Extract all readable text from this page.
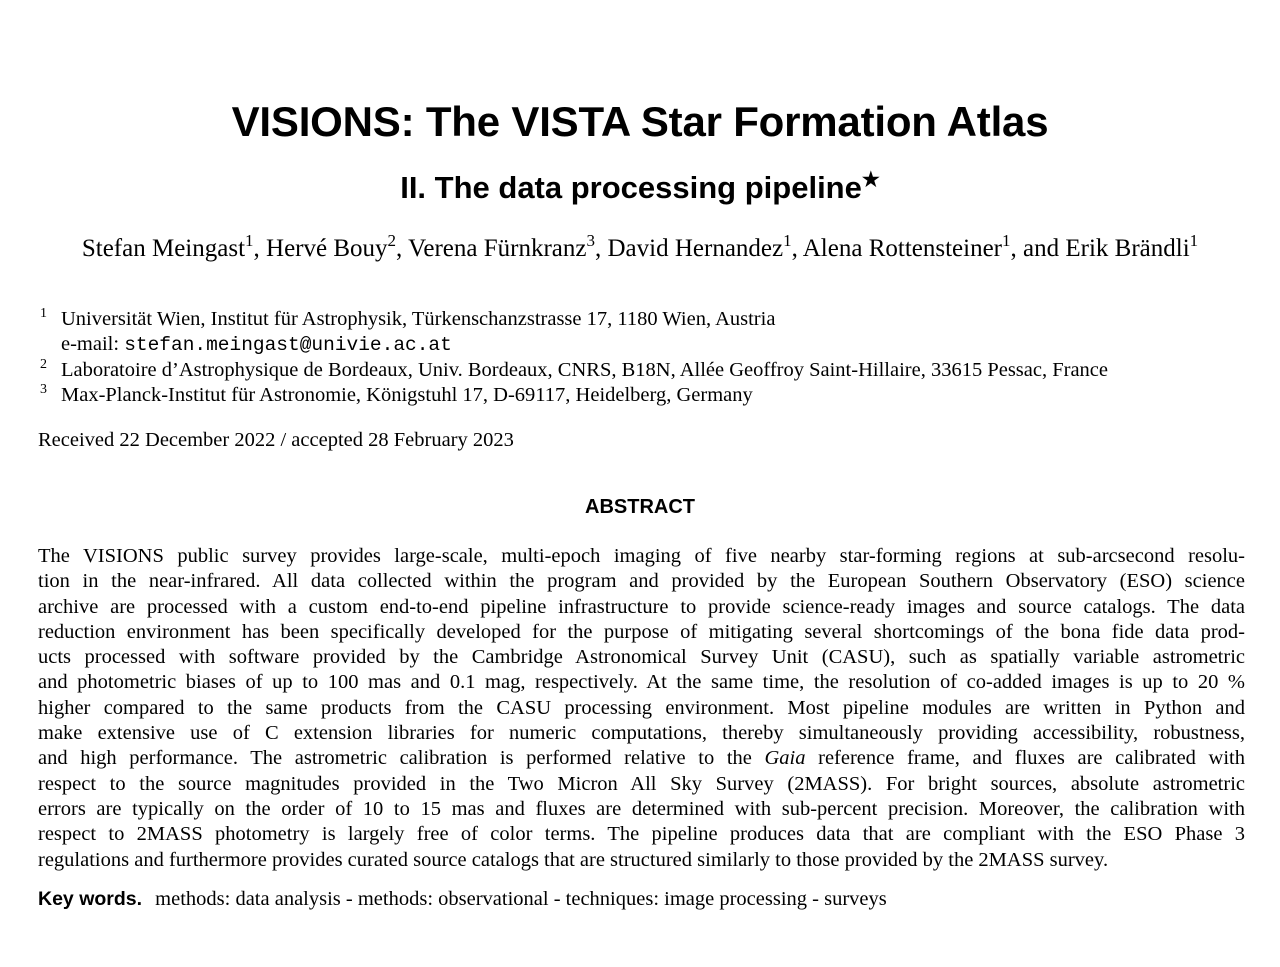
VISIONS: The VISTA Star Formation Atlas
II. The data processing pipeline★
Stefan Meingast$^1$, Hervé Bouy$^2$, Verena Fürnkranz$^3$, David Hernandez$^1$, Alena Rottensteiner$^1$, and Erik Brändli$^1$
1 Universität Wien, Institut für Astrophysik, Türkenschanzstrasse 17, 1180 Wien, Austria
e-mail: stefan.meingast@univie.ac.at
2 Laboratoire d’Astrophysique de Bordeaux, Univ. Bordeaux, CNRS, B18N, Allée Geoffroy Saint-Hillaire, 33615 Pessac, France
3 Max-Planck-Institut für Astronomie, Königstuhl 17, D-69117, Heidelberg, Germany
Received 22 December 2022 / accepted 28 February 2023
ABSTRACT
The VISIONS public survey provides large-scale, multi-epoch imaging of five nearby star-forming regions at sub-arcsecond resolu-
tion in the near-infrared. All data collected within the program and provided by the European Southern Observatory (ESO) science
archive are processed with a custom end-to-end pipeline infrastructure to provide science-ready images and source catalogs. The data
reduction environment has been specifically developed for the purpose of mitigating several shortcomings of the bona fide data prod-
ucts processed with software provided by the Cambridge Astronomical Survey Unit (CASU), such as spatially variable astrometric
and photometric biases of up to 100 mas and 0.1 mag, respectively. At the same time, the resolution of co-added images is up to 20 %
higher compared to the same products from the CASU processing environment. Most pipeline modules are written in Python and
make extensive use of C extension libraries for numeric computations, thereby simultaneously providing accessibility, robustness,
and high performance. The astrometric calibration is performed relative to the Gaia reference frame, and fluxes are calibrated with
respect to the source magnitudes provided in the Two Micron All Sky Survey (2MASS). For bright sources, absolute astrometric
errors are typically on the order of 10 to 15 mas and fluxes are determined with sub-percent precision. Moreover, the calibration with
respect to 2MASS photometry is largely free of color terms. The pipeline produces data that are compliant with the ESO Phase 3
regulations and furthermore provides curated source catalogs that are structured similarly to those provided by the 2MASS survey.
Key words. methods: data analysis - methods: observational - techniques: image processing - surveys
